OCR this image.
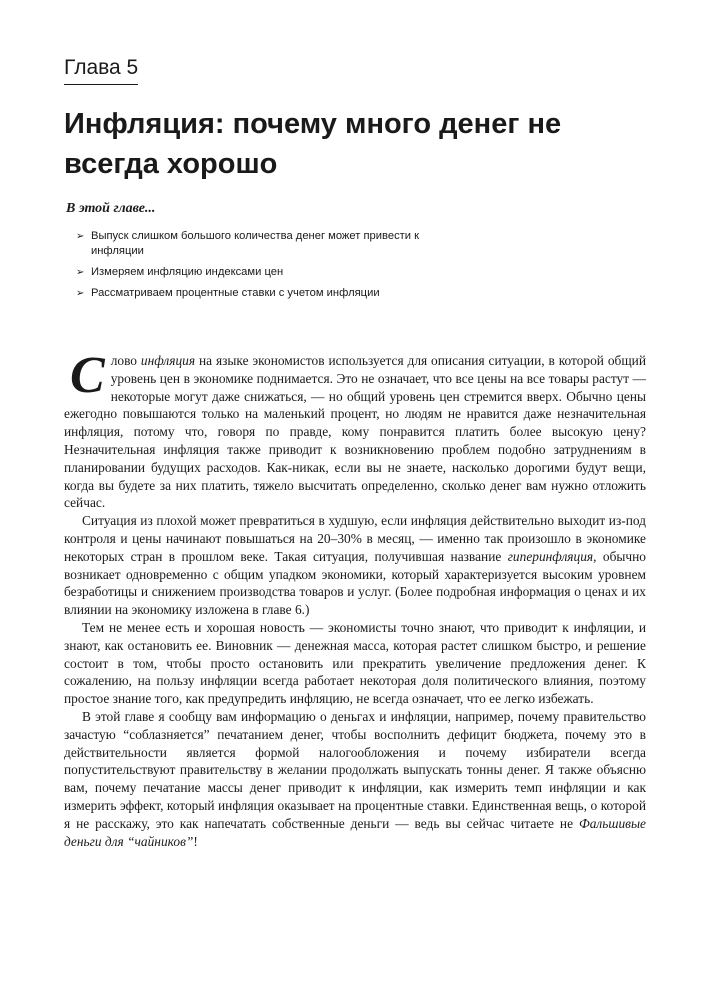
Глава 5
Инфляция: почему много денег не всегда хорошо
В этой главе...
➢ Выпуск слишком большого количества денег может привести к инфляции
➢ Измеряем инфляцию индексами цен
➢ Рассматриваем процентные ставки с учетом инфляции

Слово инфляция на языке экономистов используется для описания ситуации, в которой общий уровень цен в экономике поднимается. Это не означает, что все цены на все товары растут — некоторые могут даже снижаться, — но общий уровень цен стремится вверх. Обычно цены ежегодно повышаются только на маленький процент, но людям не нравится даже незначительная инфляция, потому что, говоря по правде, кому понравится платить более высокую цену? Незначительная инфляция также приводит к возникновению проблем подобно затруднениям в планировании будущих расходов. Как-никак, если вы не знаете, насколько дорогими будут вещи, когда вы будете за них платить, тяжело высчитать определенно, сколько денег вам нужно отложить сейчас.

Ситуация из плохой может превратиться в худшую, если инфляция действительно выходит из-под контроля и цены начинают повышаться на 20–30% в месяц, — именно так произошло в экономике некоторых стран в прошлом веке. Такая ситуация, получившая название гиперинфляция, обычно возникает одновременно с общим упадком экономики, который характеризуется высоким уровнем безработицы и снижением производства товаров и услуг. (Более подробная информация о ценах и их влиянии на экономику изложена в главе 6.)

Тем не менее есть и хорошая новость — экономисты точно знают, что приводит к инфляции, и знают, как остановить ее. Виновник — денежная масса, которая растет слишком быстро, и решение состоит в том, чтобы просто остановить или прекратить увеличение предложения денег. К сожалению, на пользу инфляции всегда работает некоторая доля политического влияния, поэтому простое знание того, как предупредить инфляцию, не всегда означает, что ее легко избежать.

В этой главе я сообщу вам информацию о деньгах и инфляции, например, почему правительство зачастую “соблазняется” печатанием денег, чтобы восполнить дефицит бюджета, почему это в действительности является формой налогообложения и почему избиратели всегда попустительствуют правительству в желании продолжать выпускать тонны денег. Я также объясню вам, почему печатание массы денег приводит к инфляции, как измерить темп инфляции и как измерить эффект, который инфляция оказывает на процентные ставки. Единственная вещь, о которой я не расскажу, это как напечатать собственные деньги — ведь вы сейчас читаете не Фальшивые деньги для “чайников”!
